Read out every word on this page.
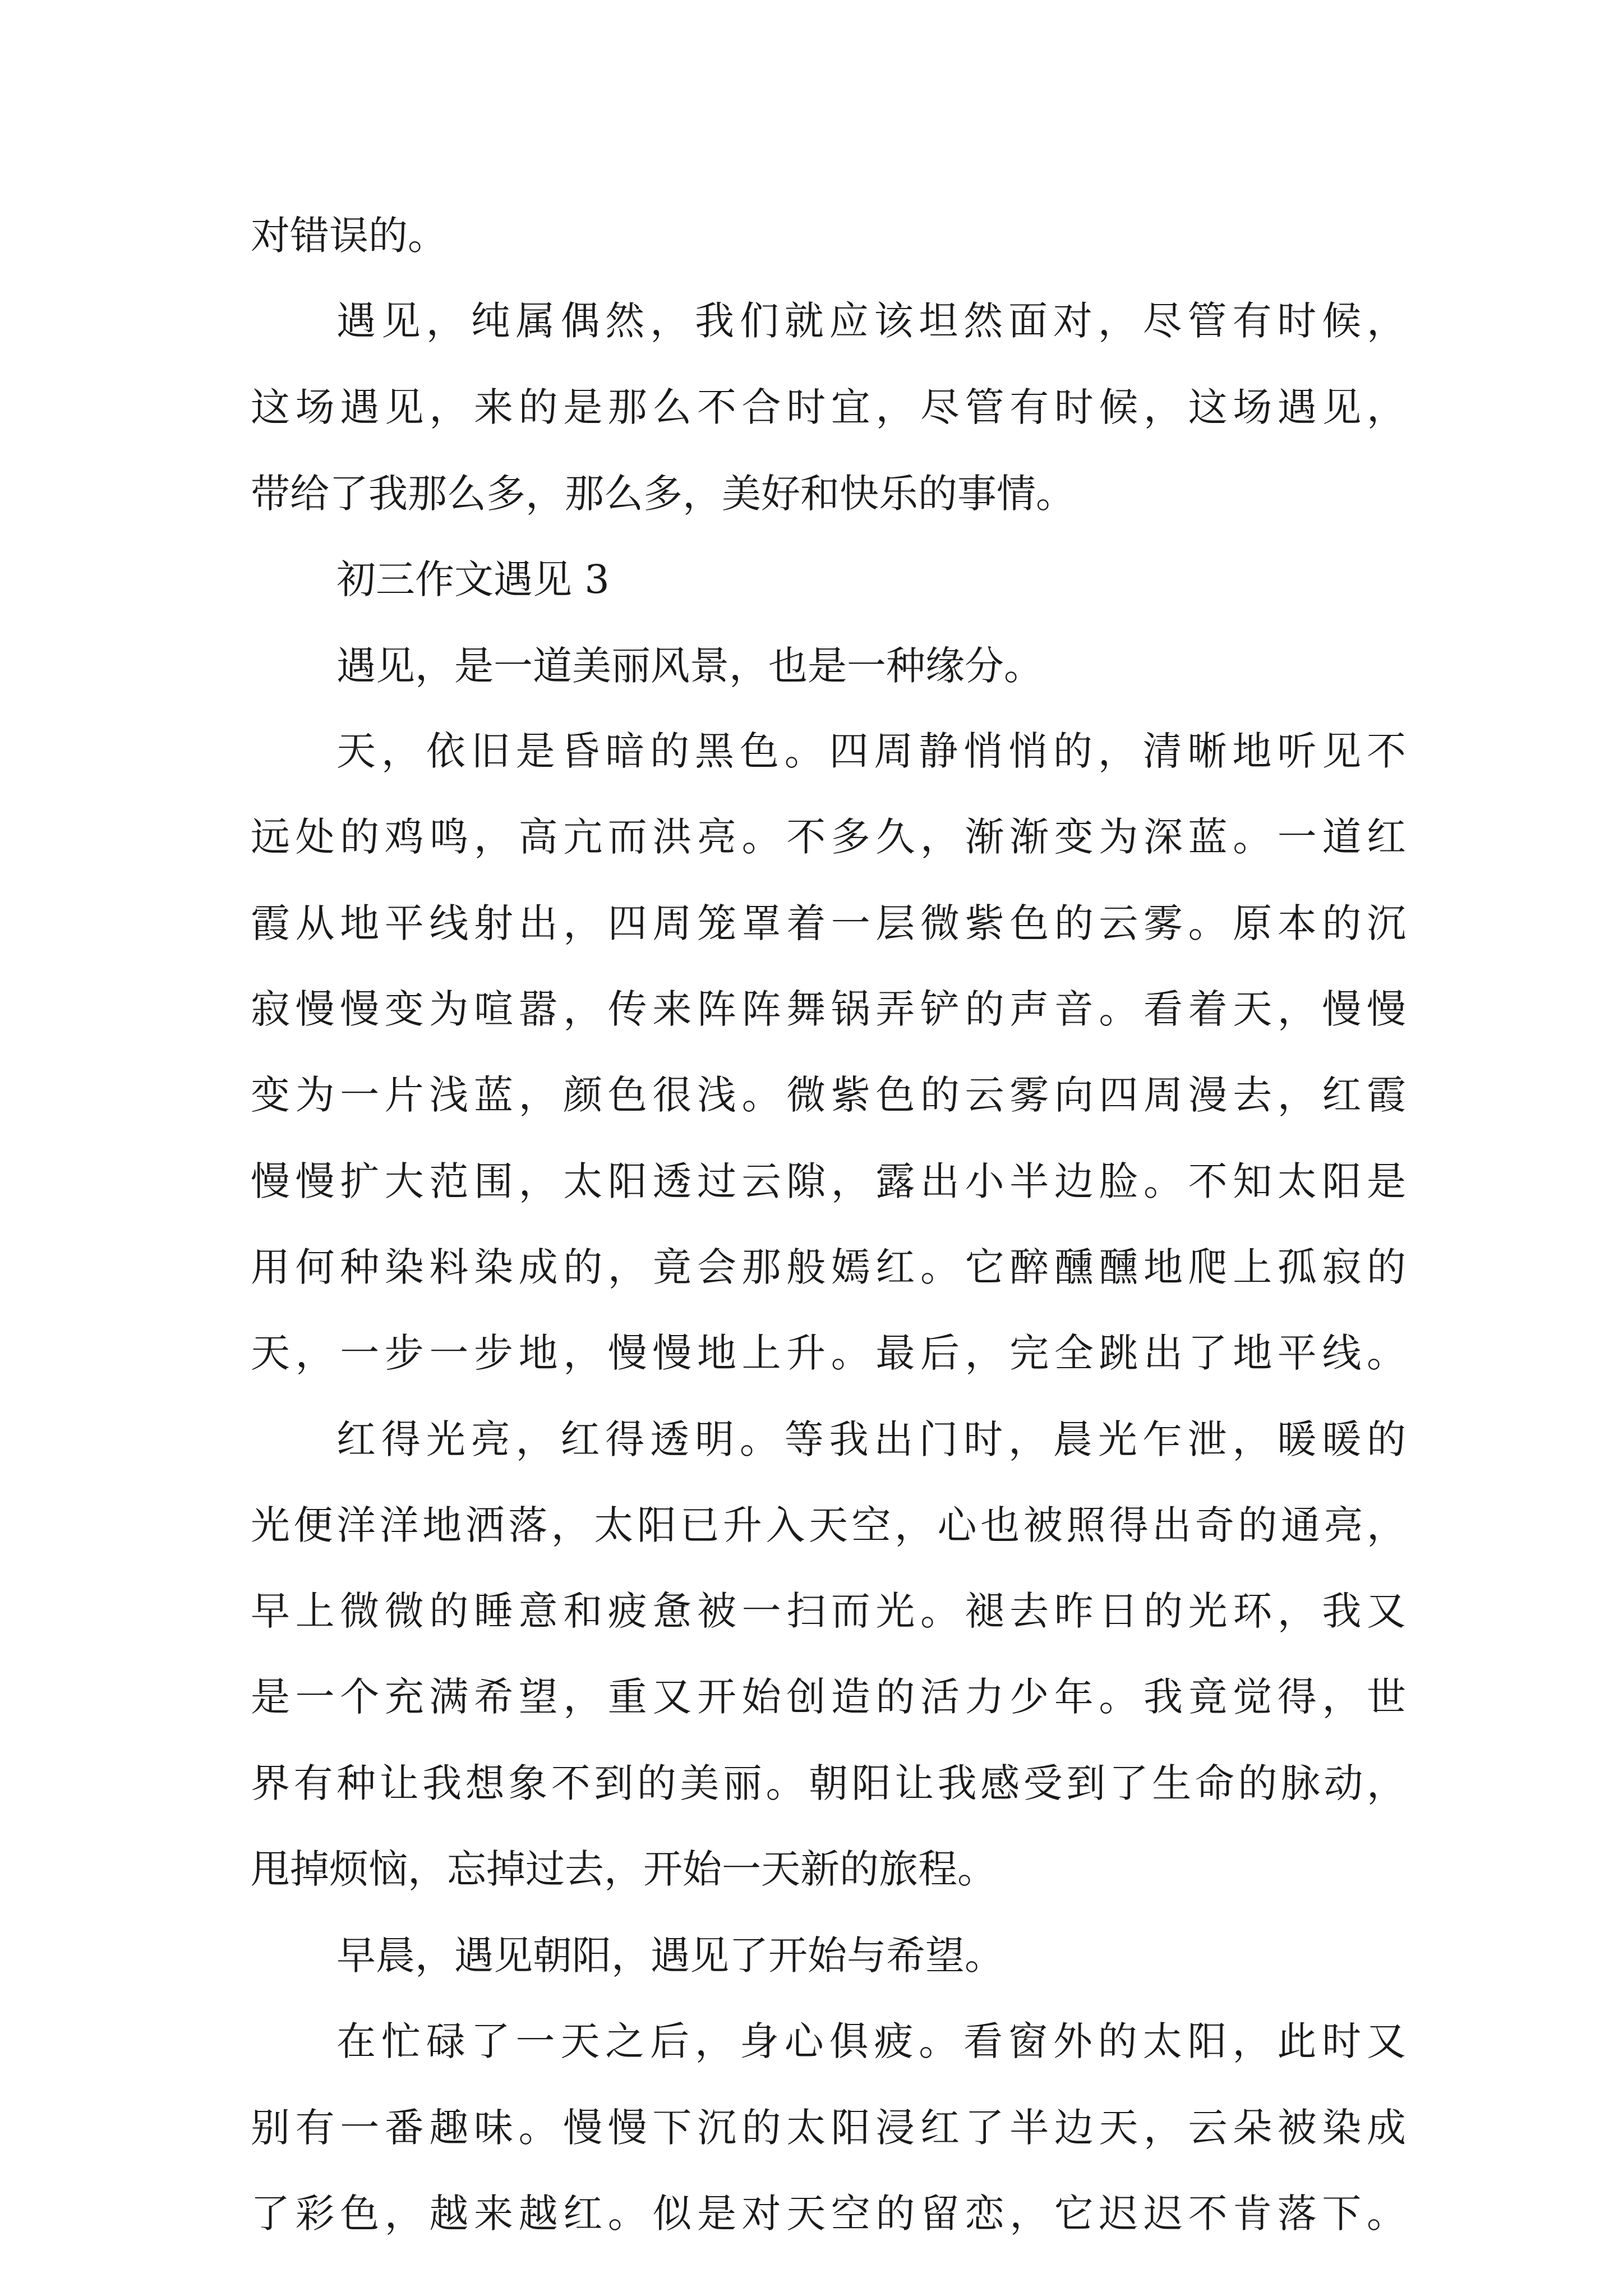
对错误的。
遇见，纯属偶然，我们就应该坦然面对，尽管有时候，
这场遇见，来的是那么不合时宜，尽管有时候，这场遇见，
带给了我那么多，那么多，美好和快乐的事情。
初三作文遇见 3
遇见，是一道美丽风景，也是一种缘分。
天，依旧是昏暗的黑色。四周静悄悄的，清晰地听见不
远处的鸡鸣，高亢而洪亮。不多久，渐渐变为深蓝。一道红
霞从地平线射出，四周笼罩着一层微紫色的云雾。原本的沉
寂慢慢变为喧嚣，传来阵阵舞锅弄铲的声音。看着天，慢慢
变为一片浅蓝，颜色很浅。微紫色的云雾向四周漫去，红霞
慢慢扩大范围，太阳透过云隙，露出小半边脸。不知太阳是
用何种染料染成的，竟会那般嫣红。它醉醺醺地爬上孤寂的
天，一步一步地，慢慢地上升。最后，完全跳出了地平线。
红得光亮，红得透明。等我出门时，晨光乍泄，暖暖的
光便洋洋地洒落，太阳已升入天空，心也被照得出奇的通亮，
早上微微的睡意和疲惫被一扫而光。褪去昨日的光环，我又
是一个充满希望，重又开始创造的活力少年。我竟觉得，世
界有种让我想象不到的美丽。朝阳让我感受到了生命的脉动，
甩掉烦恼，忘掉过去，开始一天新的旅程。
早晨，遇见朝阳，遇见了开始与希望。
在忙碌了一天之后，身心俱疲。看窗外的太阳，此时又
别有一番趣味。慢慢下沉的太阳浸红了半边天，云朵被染成
了彩色，越来越红。似是对天空的留恋，它迟迟不肯落下。
